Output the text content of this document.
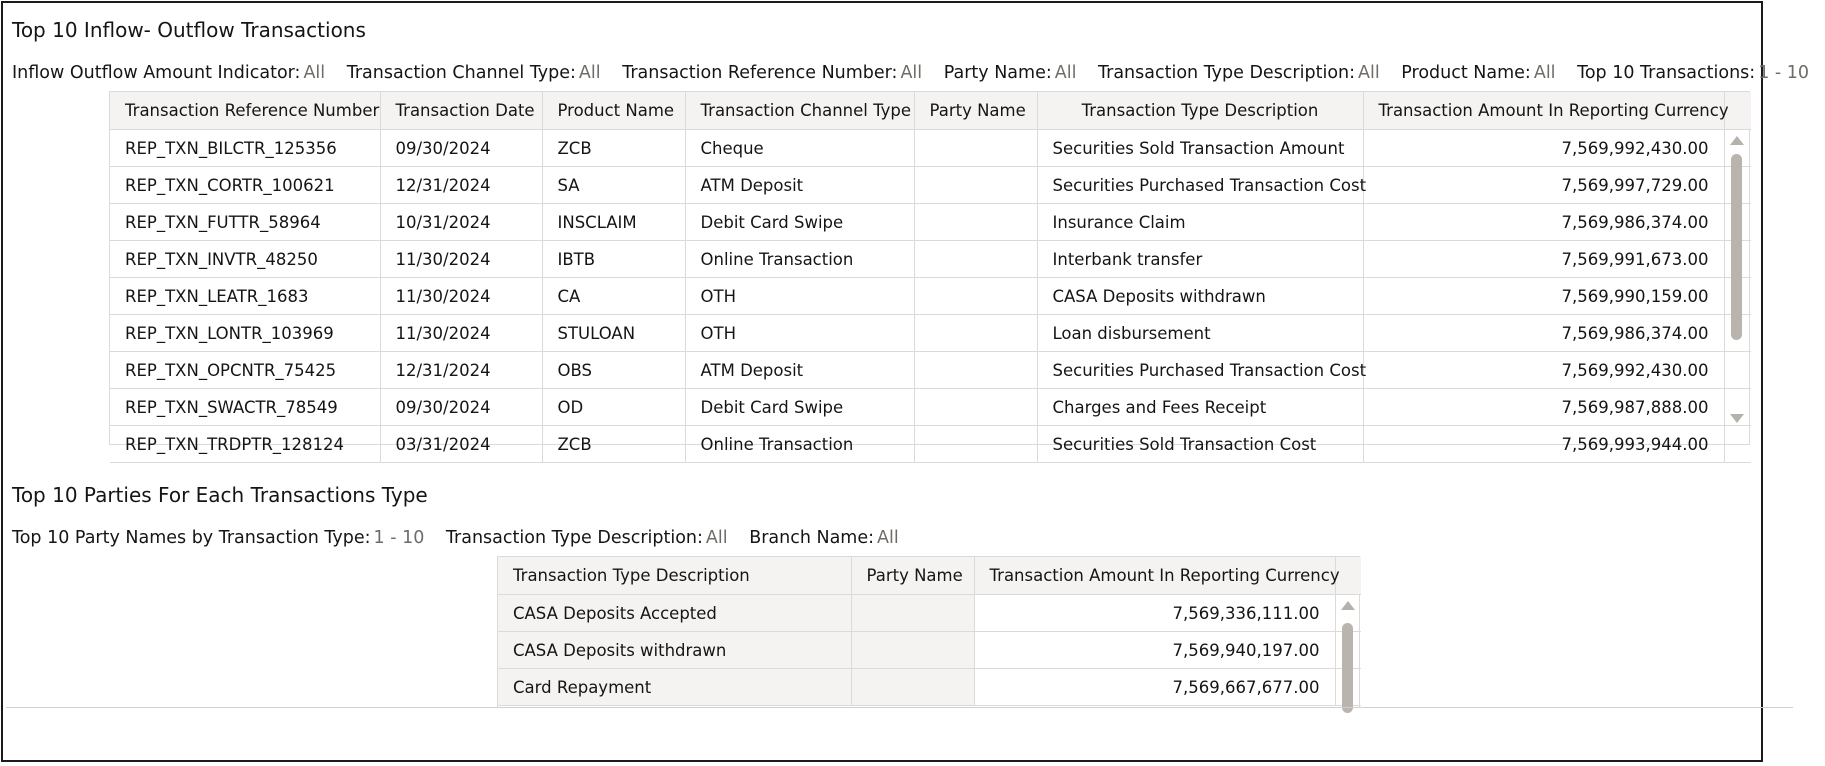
Top 10 Inflow- Outflow Transactions
Inflow Outflow Amount Indicator: All Transaction Channel Type: All Transaction Reference Number: All Party Name: All Transaction Type Description: All Product Name: All Top 10 Transactions: 1 - 10
Transaction Reference Number	Transaction Date	Product Name	Transaction Channel Type	Party Name	Transaction Type Description	Transaction Amount In Reporting Currency	
REP_TXN_BILCTR_125356	09/30/2024	ZCB	Cheque		Securities Sold Transaction Amount	7,569,992,430.00	
REP_TXN_CORTR_100621	12/31/2024	SA	ATM Deposit		Securities Purchased Transaction Cost	7,569,997,729.00	
REP_TXN_FUTTR_58964	10/31/2024	INSCLAIM	Debit Card Swipe		Insurance Claim	7,569,986,374.00	
REP_TXN_INVTR_48250	11/30/2024	IBTB	Online Transaction		Interbank transfer	7,569,991,673.00	
REP_TXN_LEATR_1683	11/30/2024	CA	OTH		CASA Deposits withdrawn	7,569,990,159.00	
REP_TXN_LONTR_103969	11/30/2024	STULOAN	OTH		Loan disbursement	7,569,986,374.00	
REP_TXN_OPCNTR_75425	12/31/2024	OBS	ATM Deposit		Securities Purchased Transaction Cost	7,569,992,430.00	
REP_TXN_SWACTR_78549	09/30/2024	OD	Debit Card Swipe		Charges and Fees Receipt	7,569,987,888.00	
REP_TXN_TRDPTR_128124	03/31/2024	ZCB	Online Transaction		Securities Sold Transaction Cost	7,569,993,944.00	
Top 10 Parties For Each Transactions Type
Top 10 Party Names by Transaction Type: 1 - 10 Transaction Type Description: All Branch Name: All
Transaction Type Description	Party Name	Transaction Amount In Reporting Currency	
CASA Deposits Accepted		7,569,336,111.00	
CASA Deposits withdrawn		7,569,940,197.00	
Card Repayment		7,569,667,677.00	
